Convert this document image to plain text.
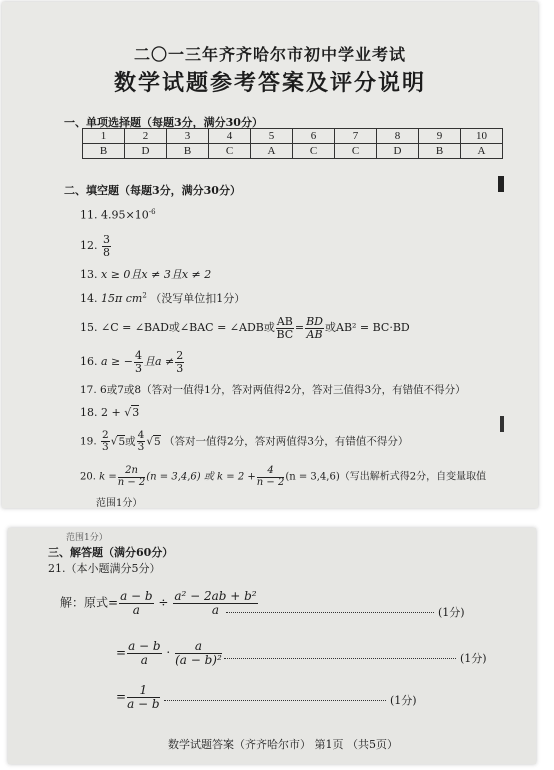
二〇一三年齐齐哈尔市初中学业考试
数学试题参考答案及评分说明
一、单项选择题（每题3分，满分30分）
1	2	3	4	5	6	7	8	9	10
B	D	B	C	A	C	C	D	B	A
二、填空题（每题3分，满分30分）
11. $4.95\times 10^{-6}$
12. $\frac{3}{8}$
13. x ≥ 0且x ≠ 3且x ≠ 2
14. 15π $cm^2$ （没写单位扣1分）
15. ∠C = ∠BAD或∠BAC = ∠ADB或 $\frac{AB}{BC} = \frac{BD}{AB}$ 或AB² = BC·BD
16. a ≥ − $\frac{4}{3}$ 且$a \ne \frac{2}{3}$
17. 6或7或8（答对一值得1分，答对两值得2分，答对三值得3分，有错值不得分）
18. 2 + √3
19. $\frac{2}{3} √5$或 $\frac{4}{3} √5$ （答对一值得2分，答对两值得3分，有错值不得分）
20. $k = \frac{2n}{n - 2} (n = 3,4,6)$ 或 $k = 2 + \frac{4}{n - 2} (n = 3,4,6)$（写出解析式得2分，自变量取值
范围1分）
范围1分）
三、解答题（满分60分）
21.（本小题满分5分）
解：原式= $\frac{a - b}{a} \div \frac{\text{a² − 2ab + b²}}{a}$	(1分)
= $\frac{a - b}{a} \cdot \frac{a}{\text{(a − b)²}}$	(1分)
= $\frac{1}{a - b}$	(1分)
数学试题答案（齐齐哈尔市） 第1页 （共5页）
